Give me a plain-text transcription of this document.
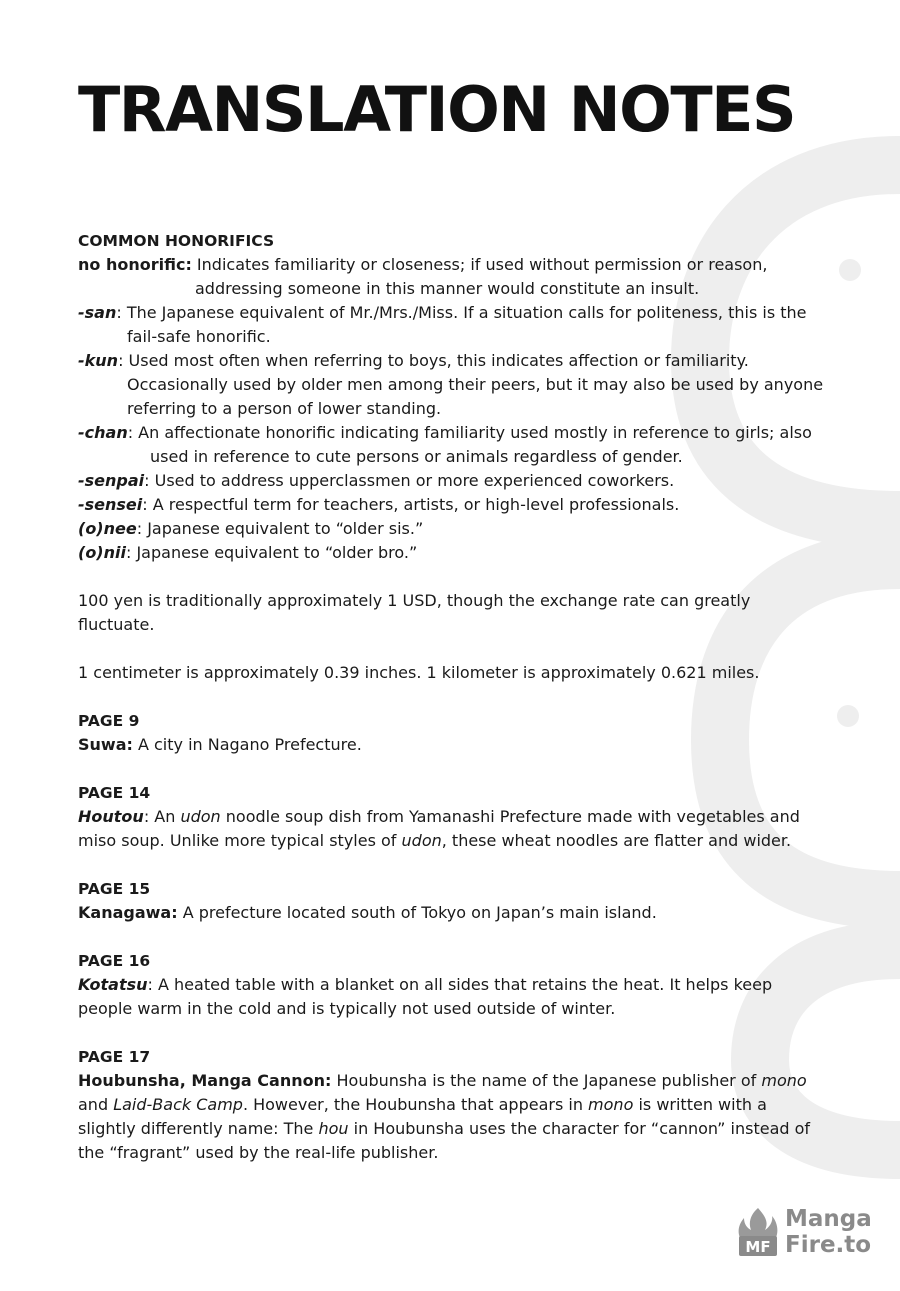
TRANSLATION NOTES
COMMON HONORIFICS
no honorific: Indicates familiarity or closeness; if used without permission or reason, addressing someone in this manner would constitute an insult.
-san: The Japanese equivalent of Mr./Mrs./Miss. If a situation calls for politeness, this is the fail-safe honorific.
-kun: Used most often when referring to boys, this indicates affection or familiarity. Occasionally used by older men among their peers, but it may also be used by anyone referring to a person of lower standing.
-chan: An affectionate honorific indicating familiarity used mostly in reference to girls; also used in reference to cute persons or animals regardless of gender.
-senpai: Used to address upperclassmen or more experienced coworkers.
-sensei: A respectful term for teachers, artists, or high-level professionals.
(o)nee: Japanese equivalent to “older sis.”
(o)nii: Japanese equivalent to “older bro.”
100 yen is traditionally approximately 1 USD, though the exchange rate can greatly fluctuate.
1 centimeter is approximately 0.39 inches. 1 kilometer is approximately 0.621 miles.
PAGE 9
Suwa: A city in Nagano Prefecture.
PAGE 14
Houtou: An udon noodle soup dish from Yamanashi Prefecture made with vegetables and miso soup. Unlike more typical styles of udon, these wheat noodles are flatter and wider.
PAGE 15
Kanagawa: A prefecture located south of Tokyo on Japan’s main island.
PAGE 16
Kotatsu: A heated table with a blanket on all sides that retains the heat. It helps keep people warm in the cold and is typically not used outside of winter.
PAGE 17
Houbunsha, Manga Cannon: Houbunsha is the name of the Japanese publisher of mono and Laid-Back Camp. However, the Houbunsha that appears in mono is written with a slightly differently name: The hou in Houbunsha uses the character for “cannon” instead of the “fragrant” used by the real-life publisher.
MF
Manga
Fire.to
